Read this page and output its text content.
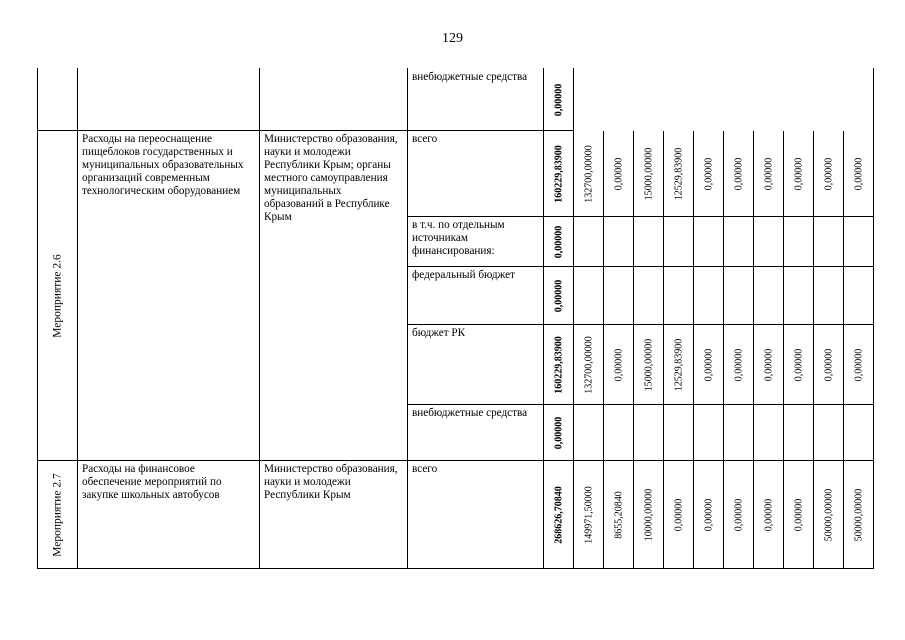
129
			внебюджетные средства	0,00000										

Мероприятие 2.6	Расходы на переоснащение пищеблоков государственных и муниципальных образовательных организаций современным технологическим оборудованием	Министерство образования, науки и молодежи Республики Крым; органы местного самоуправления муниципальных образований в Республике Крым	всего	160229,83900	132700,00000	0,00000	15000,00000	12529,83900	0,00000	0,00000	0,00000	0,00000	0,00000	0,00000

			в т.ч. по отдельным источникам финансирования:	0,00000										

			федеральный бюджет	0,00000										

			бюджет РК	160229,83900	132700,00000	0,00000	15000,00000	12529,83900	0,00000	0,00000	0,00000	0,00000	0,00000	0,00000

			внебюджетные средства	0,00000										

Мероприятие 2.7	Расходы на финансовое обеспечение мероприятий по закупке школьных автобусов	Министерство образования, науки и молодежи Республики Крым	всего	268626,70840	149971,50000	8655,20840	10000,00000	0,00000	0,00000	0,00000	0,00000	0,00000	50000,00000	50000,00000
